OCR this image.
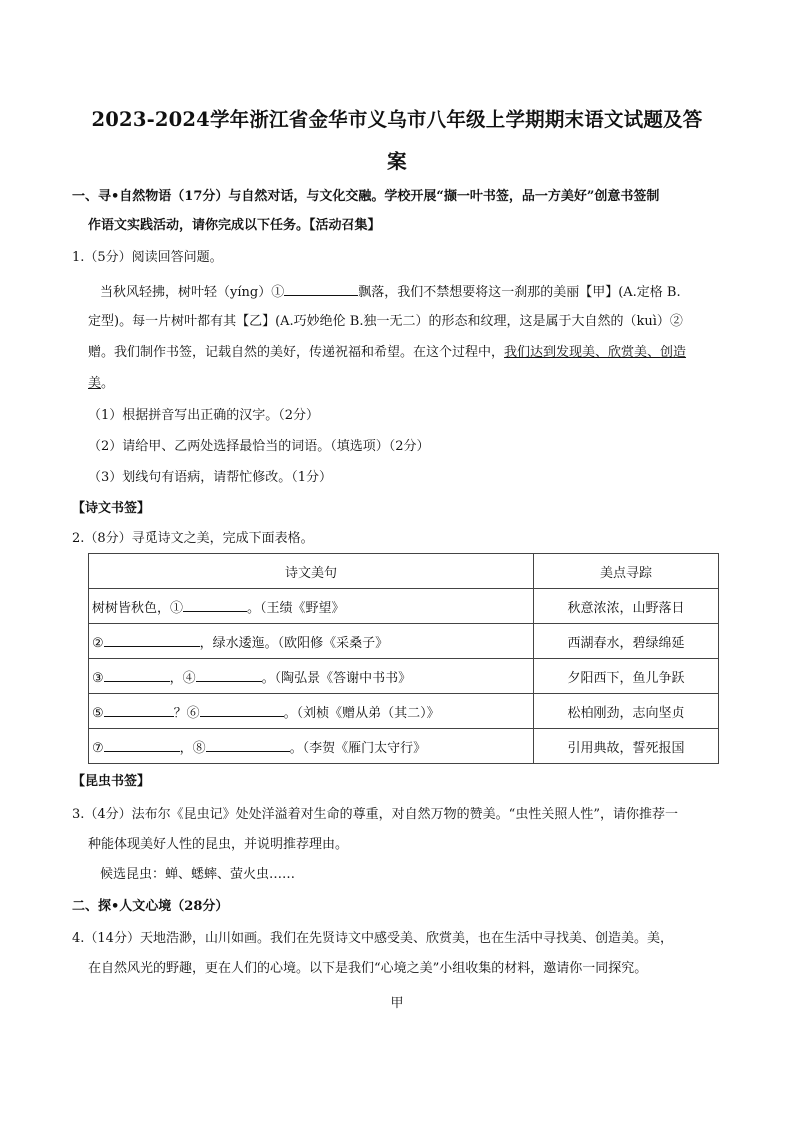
2023-2024学年浙江省金华市义乌市八年级上学期期末语文试题及答
案
一、寻•自然物语（17分）与自然对话，与文化交融。学校开展“撷一叶书签，品一方美好”创意书签制
作语文实践活动，请你完成以下任务。【活动召集】
1.（5分）阅读回答问题。
当秋风轻拂，树叶轻（yíng）①	飘落，我们不禁想要将这一刹那的美丽【甲】(A.定格 B.
定型)。每一片树叶都有其【乙】(A.巧妙绝伦 B.独一无二）的形态和纹理，这是属于大自然的（kuì）②
赠。我们制作书签，记载自然的美好，传递祝福和希望。在这个过程中，我们达到发现美、欣赏美、创造
美。
（1）根据拼音写出正确的汉字。（2分）
（2）请给甲、乙两处选择最恰当的词语。（填选项）（2分）
（3）划线句有语病，请帮忙修改。（1分）
【诗文书签】
2.（8分）寻觅诗文之美，完成下面表格。
诗文美句	美点寻踪
树树皆秋色，① 。（王绩《野望》	秋意浓浓，山野落日
② ，绿水逶迤。（欧阳修《采桑子》	西湖春水，碧绿绵延
③ ，④ 。（陶弘景《答谢中书书》	夕阳西下，鱼儿争跃
⑤ ？⑥ 。（刘桢《赠从弟（其二）》	松柏刚劲，志向坚贞
⑦ ，⑧ 。（李贺《雁门太守行》	引用典故，誓死报国
【昆虫书签】
3.（4分）法布尔《昆虫记》处处洋溢着对生命的尊重，对自然万物的赞美。“虫性关照人性”，请你推荐一
种能体现美好人性的昆虫，并说明推荐理由。
候选昆虫：蝉、蟋蟀、萤火虫……
二、探•人文心境（28分）
4.（14分）天地浩渺，山川如画。我们在先贤诗文中感受美、欣赏美，也在生活中寻找美、创造美。美，
在自然风光的野趣，更在人们的心境。以下是我们“心境之美”小组收集的材料，邀请你一同探究。
甲
